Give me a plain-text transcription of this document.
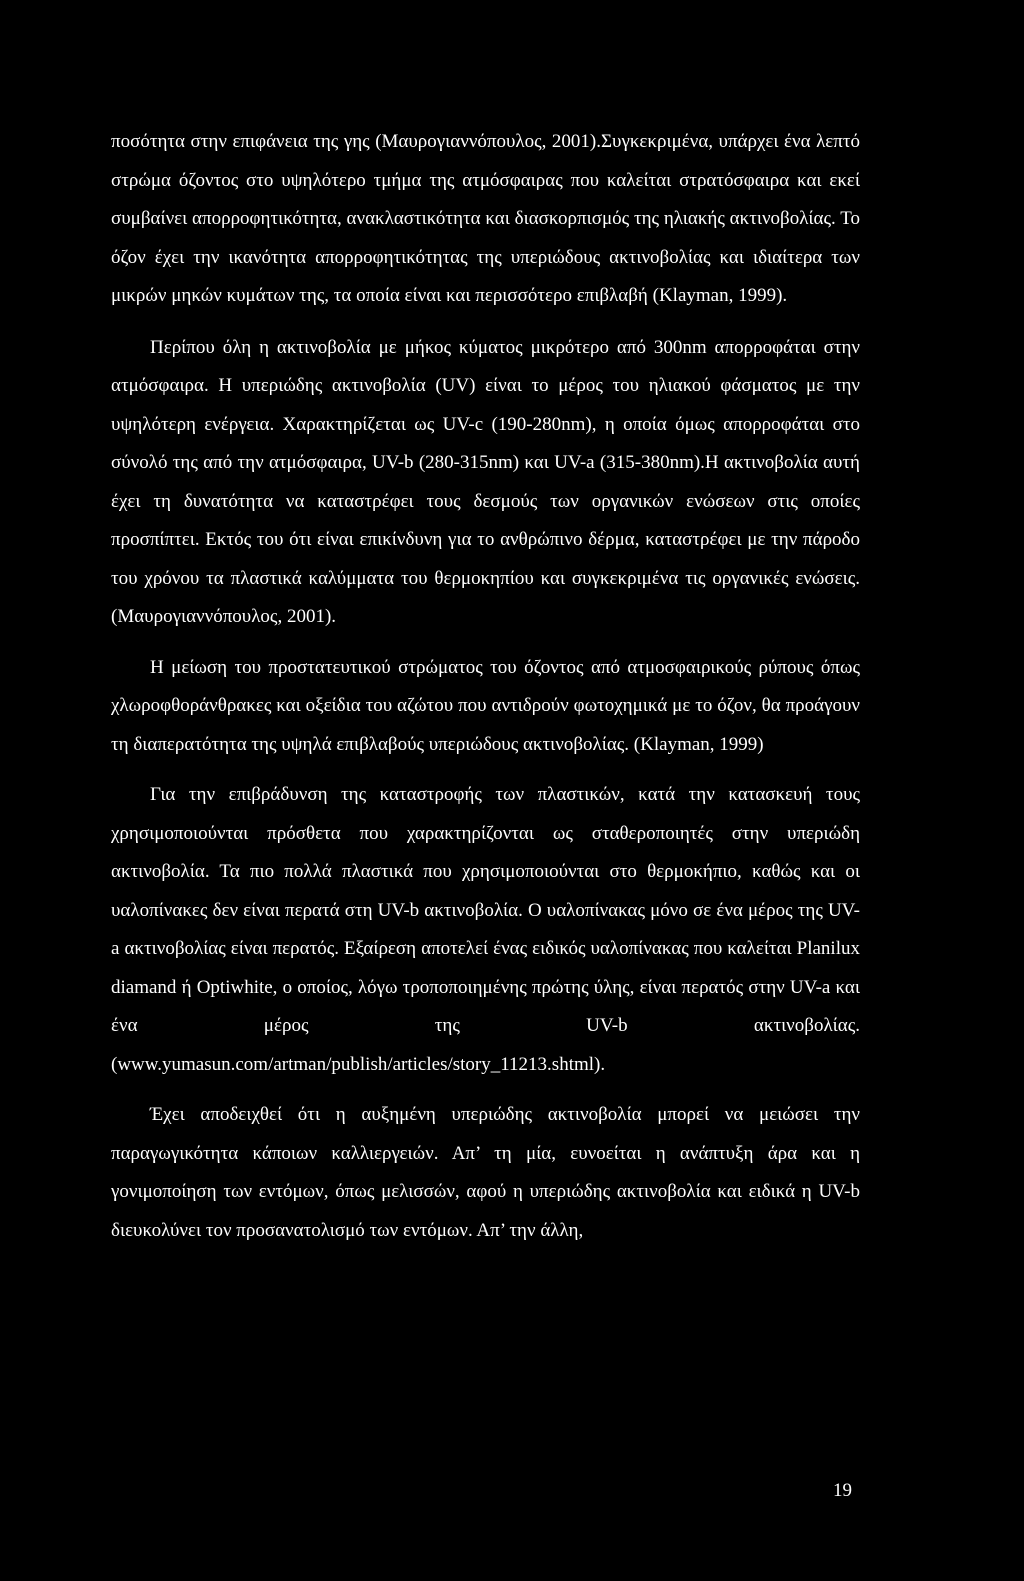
ποσότητα στην επιφάνεια της γης (Μαυρογιαννόπουλος, 2001).Συγκεκριμένα, υπάρχει ένα λεπτό στρώμα όζοντος στο υψηλότερο τμήμα της ατμόσφαιρας που καλείται στρατόσφαιρα και εκεί συμβαίνει απορροφητικότητα, ανακλαστικότητα και διασκορπισμός της ηλιακής ακτινοβολίας. Το όζον έχει την ικανότητα απορροφητικότητας της υπεριώδους ακτινοβολίας και ιδιαίτερα των μικρών μηκών κυμάτων της, τα οποία είναι και περισσότερο επιβλαβή (Klayman, 1999).

Περίπου όλη η ακτινοβολία με μήκος κύματος μικρότερο από 300nm απορροφάται στην ατμόσφαιρα. Η υπεριώδης ακτινοβολία (UV) είναι το μέρος του ηλιακού φάσματος με την υψηλότερη ενέργεια. Χαρακτηρίζεται ως UV-c (190-280nm), η οποία όμως απορροφάται στο σύνολό της από την ατμόσφαιρα, UV-b (280-315nm) και UV-a (315-380nm).Η ακτινοβολία αυτή έχει τη δυνατότητα να καταστρέφει τους δεσμούς των οργανικών ενώσεων στις οποίες προσπίπτει. Εκτός του ότι είναι επικίνδυνη για το ανθρώπινο δέρμα, καταστρέφει με την πάροδο του χρόνου τα πλαστικά καλύμματα του θερμοκηπίου και συγκεκριμένα τις οργανικές ενώσεις. (Μαυρογιαννόπουλος, 2001).

Η μείωση του προστατευτικού στρώματος του όζοντος από ατμοσφαιρικούς ρύπους όπως χλωροφθοράνθρακες και οξείδια του αζώτου που αντιδρούν φωτοχημικά με το όζον, θα προάγουν τη διαπερατότητα της υψηλά επιβλαβούς υπεριώδους ακτινοβολίας. (Klayman, 1999)

Για την επιβράδυνση της καταστροφής των πλαστικών, κατά την κατασκευή τους χρησιμοποιούνται πρόσθετα που χαρακτηρίζονται ως σταθεροποιητές στην υπεριώδη ακτινοβολία. Τα πιο πολλά πλαστικά που χρησιμοποιούνται στο θερμοκήπιο, καθώς και οι υαλοπίνακες δεν είναι περατά στη UV-b ακτινοβολία. Ο υαλοπίνακας μόνο σε ένα μέρος της UV-a ακτινοβολίας είναι περατός. Εξαίρεση αποτελεί ένας ειδικός υαλοπίνακας που καλείται Planilux diamand ή Optiwhite, ο οποίος, λόγω τροποποιημένης πρώτης ύλης, είναι περατός στην UV-a και ένα μέρος της UV-b ακτινοβολίας. (www.yumasun.com/artman/publish/articles/story_11213.shtml).

Έχει αποδειχθεί ότι η αυξημένη υπεριώδης ακτινοβολία μπορεί να μειώσει την παραγωγικότητα κάποιων καλλιεργειών. Απ’ τη μία, ευνοείται η ανάπτυξη άρα και η γονιμοποίηση των εντόμων, όπως μελισσών, αφού η υπεριώδης ακτινοβολία και ειδικά η UV-b διευκολύνει τον προσανατολισμό των εντόμων. Απ’ την άλλη,

19
